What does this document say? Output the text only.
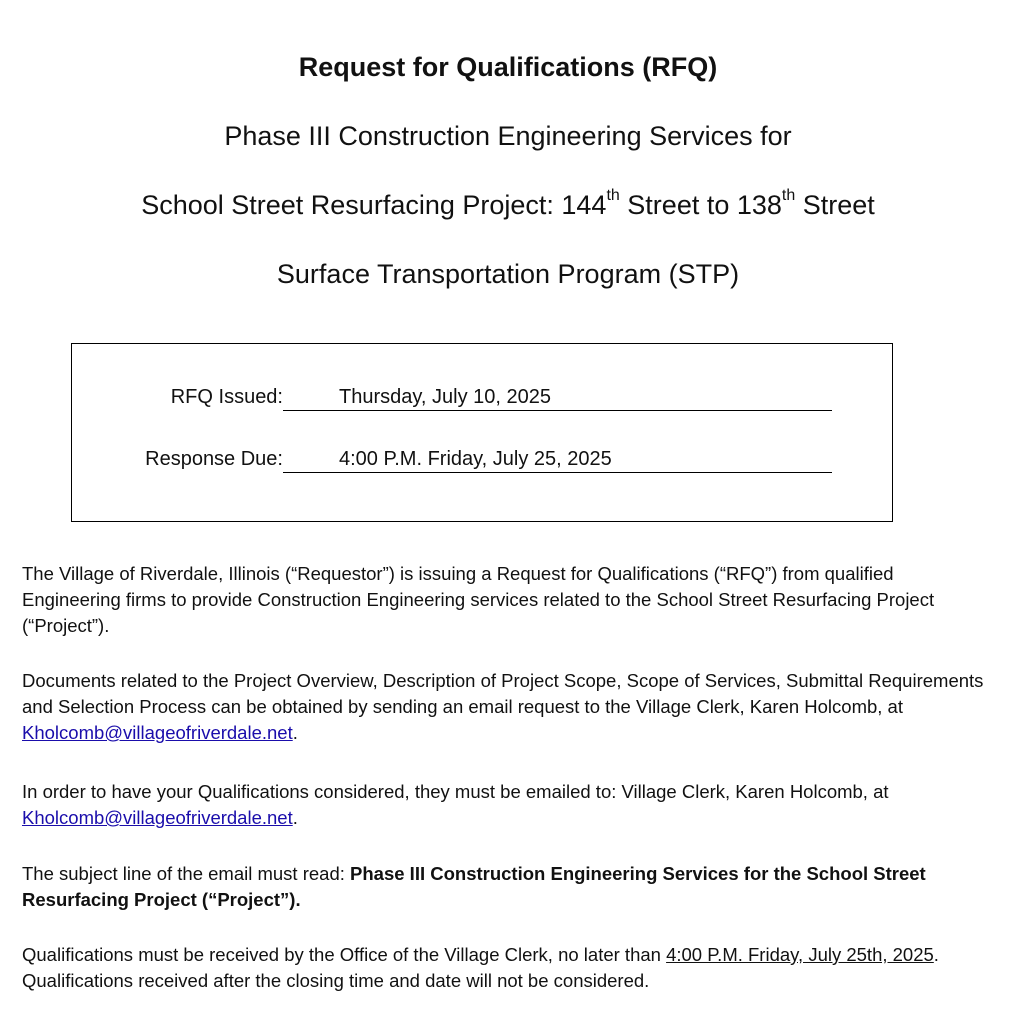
Request for Qualifications (RFQ)
Phase III Construction Engineering Services for
School Street Resurfacing Project: 144th Street to 138th Street
Surface Transportation Program (STP)
RFQ Issued:	Thursday, July 10, 2025
Response Due:	4:00 P.M. Friday, July 25, 2025

The Village of Riverdale, Illinois (“Requestor”) is issuing a Request for Qualifications (“RFQ”) from qualified Engineering firms to provide Construction Engineering services related to the School Street Resurfacing Project (“Project”).

Documents related to the Project Overview, Description of Project Scope, Scope of Services, Submittal Requirements and Selection Process can be obtained by sending an email request to the Village Clerk, Karen Holcomb, at Kholcomb@villageofriverdale.net.

In order to have your Qualifications considered, they must be emailed to: Village Clerk, Karen Holcomb, at Kholcomb@villageofriverdale.net.

The subject line of the email must read: Phase III Construction Engineering Services for the School Street Resurfacing Project (“Project”).

Qualifications must be received by the Office of the Village Clerk, no later than 4:00 P.M. Friday, July 25th, 2025. Qualifications received after the closing time and date will not be considered.
